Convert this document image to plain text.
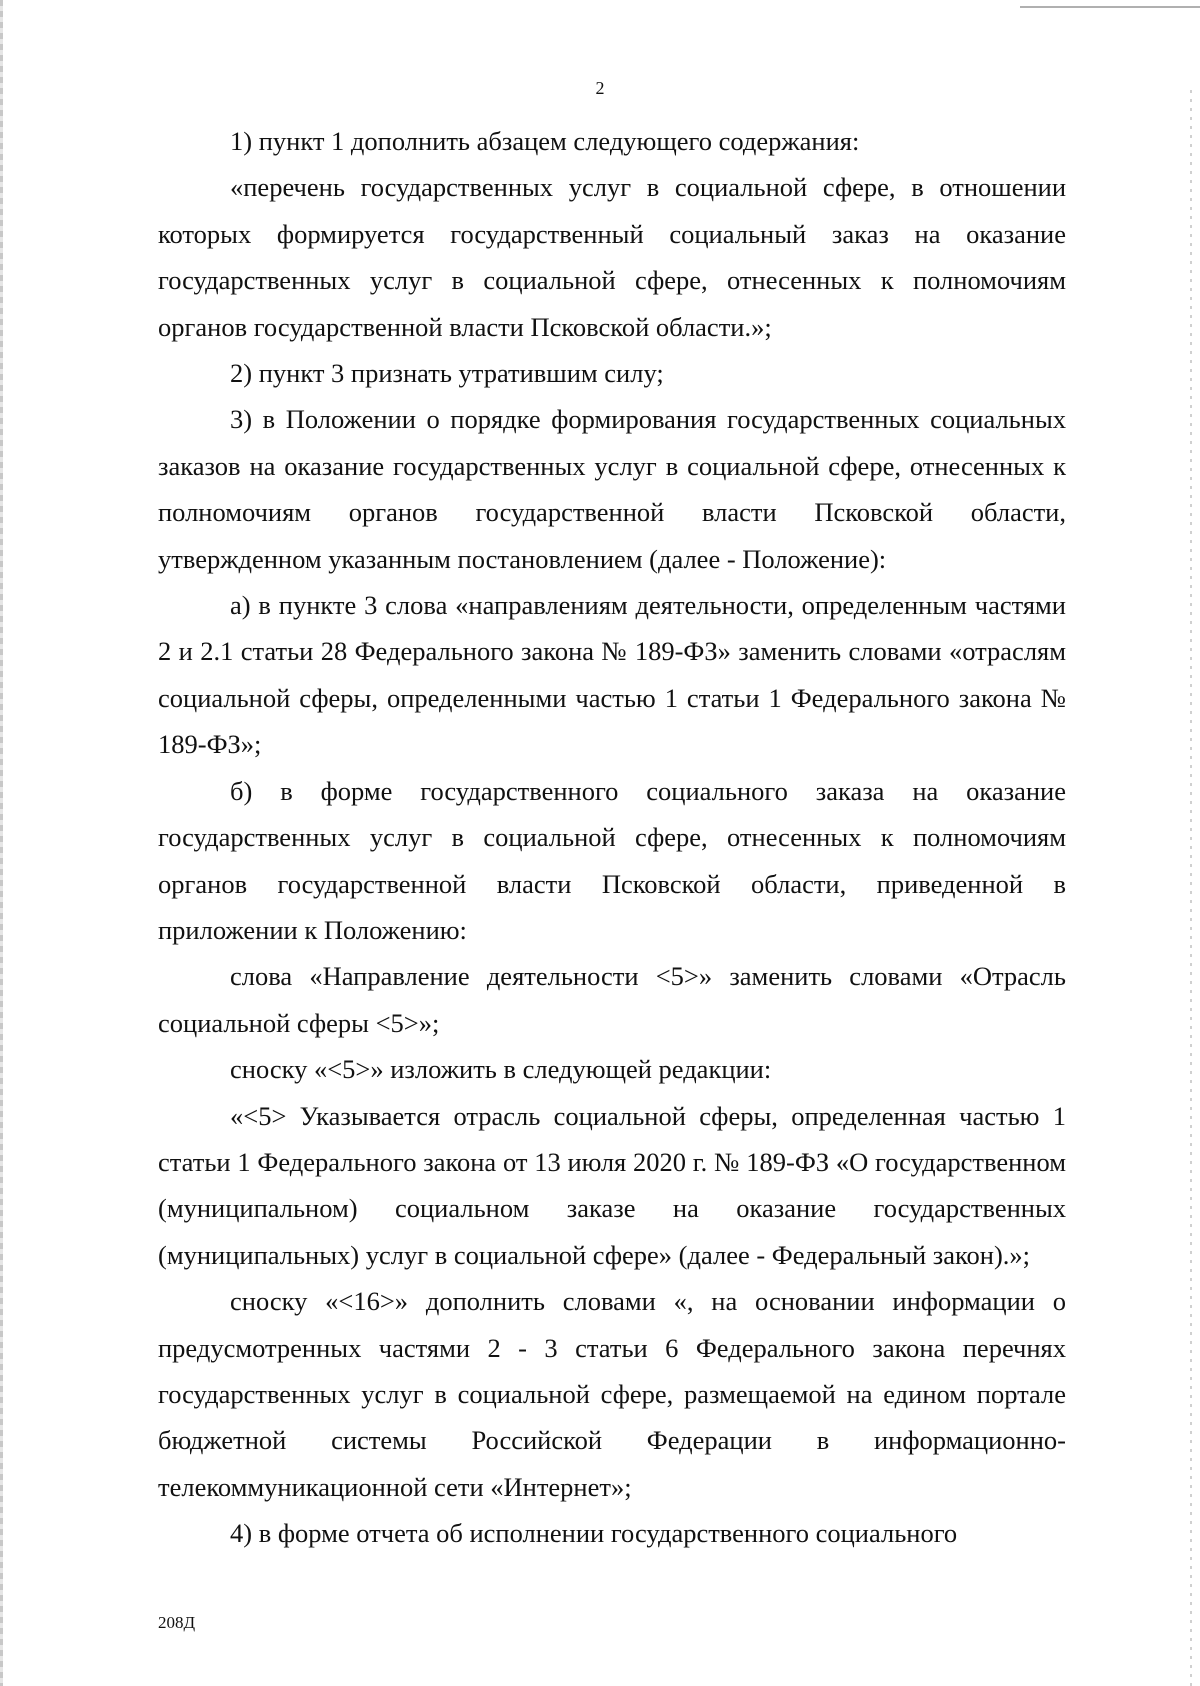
2

1) пункт 1 дополнить абзацем следующего содержания:

«перечень государственных услуг в социальной сфере, в отношении которых формируется государственный социальный заказ на оказание государственных услуг в социальной сфере, отнесенных к полномочиям органов государственной власти Псковской области.»;

2) пункт 3 признать утратившим силу;

3) в Положении о порядке формирования государственных социальных заказов на оказание государственных услуг в социальной сфере, отнесенных к полномочиям органов государственной власти Псковской области, утвержденном указанным постановлением (далее - Положение):

а) в пункте 3 слова «направлениям деятельности, определенным частями 2 и 2.1 статьи 28 Федерального закона № 189-ФЗ» заменить словами «отраслям социальной сферы, определенными частью 1 статьи 1 Федерального закона № 189-ФЗ»;

б) в форме государственного социального заказа на оказание государственных услуг в социальной сфере, отнесенных к полномочиям органов государственной власти Псковской области, приведенной в приложении к Положению:

слова «Направление деятельности <5>» заменить словами «Отрасль социальной сферы <5>»;

сноску «<5>» изложить в следующей редакции:

«<5> Указывается отрасль социальной сферы, определенная частью 1 статьи 1 Федерального закона от 13 июля 2020 г. № 189-ФЗ «О государственном (муниципальном) социальном заказе на оказание государственных (муниципальных) услуг в социальной сфере» (далее - Федеральный закон).»;

сноску «<16>» дополнить словами «, на основании информации о предусмотренных частями 2 - 3 статьи 6 Федерального закона перечнях государственных услуг в социальной сфере, размещаемой на едином портале бюджетной системы Российской Федерации в информационно-телекоммуникационной сети «Интернет»;

4) в форме отчета об исполнении государственного социального

208Д
